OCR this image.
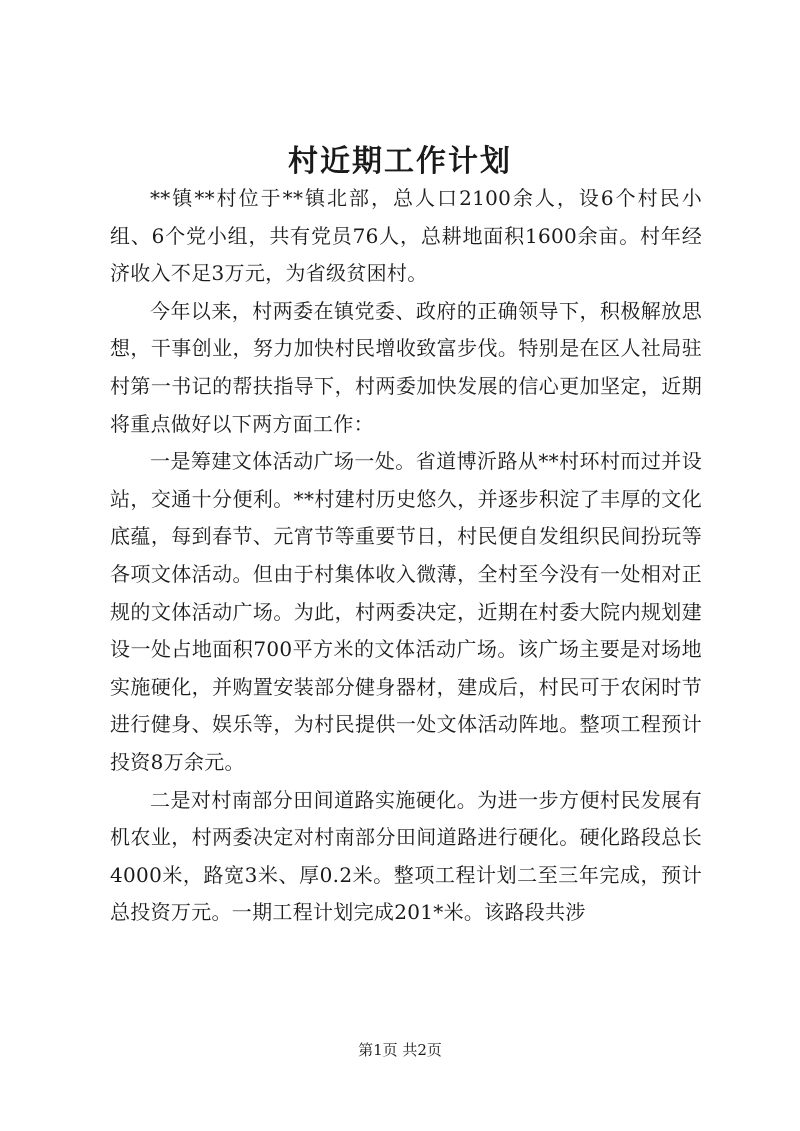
村近期工作计划

**镇**村位于**镇北部，总人口2100余人，设6个村民小组、6个党小组，共有党员76人，总耕地面积1600余亩。村年经济收入不足3万元，为省级贫困村。

今年以来，村两委在镇党委、政府的正确领导下，积极解放思想，干事创业，努力加快村民增收致富步伐。特别是在区人社局驻村第一书记的帮扶指导下，村两委加快发展的信心更加坚定，近期将重点做好以下两方面工作：

一是筹建文体活动广场一处。省道博沂路从**村环村而过并设站，交通十分便利。**村建村历史悠久，并逐步积淀了丰厚的文化底蕴，每到春节、元宵节等重要节日，村民便自发组织民间扮玩等各项文体活动。但由于村集体收入微薄，全村至今没有一处相对正规的文体活动广场。为此，村两委决定，近期在村委大院内规划建设一处占地面积700平方米的文体活动广场。该广场主要是对场地实施硬化，并购置安装部分健身器材，建成后，村民可于农闲时节进行健身、娱乐等，为村民提供一处文体活动阵地。整项工程预计投资8万余元。

二是对村南部分田间道路实施硬化。为进一步方便村民发展有机农业，村两委决定对村南部分田间道路进行硬化。硬化路段总长4000米，路宽3米、厚0.2米。整项工程计划二至三年完成，预计总投资万元。一期工程计划完成201*米。该路段共涉

第1页 共2页
